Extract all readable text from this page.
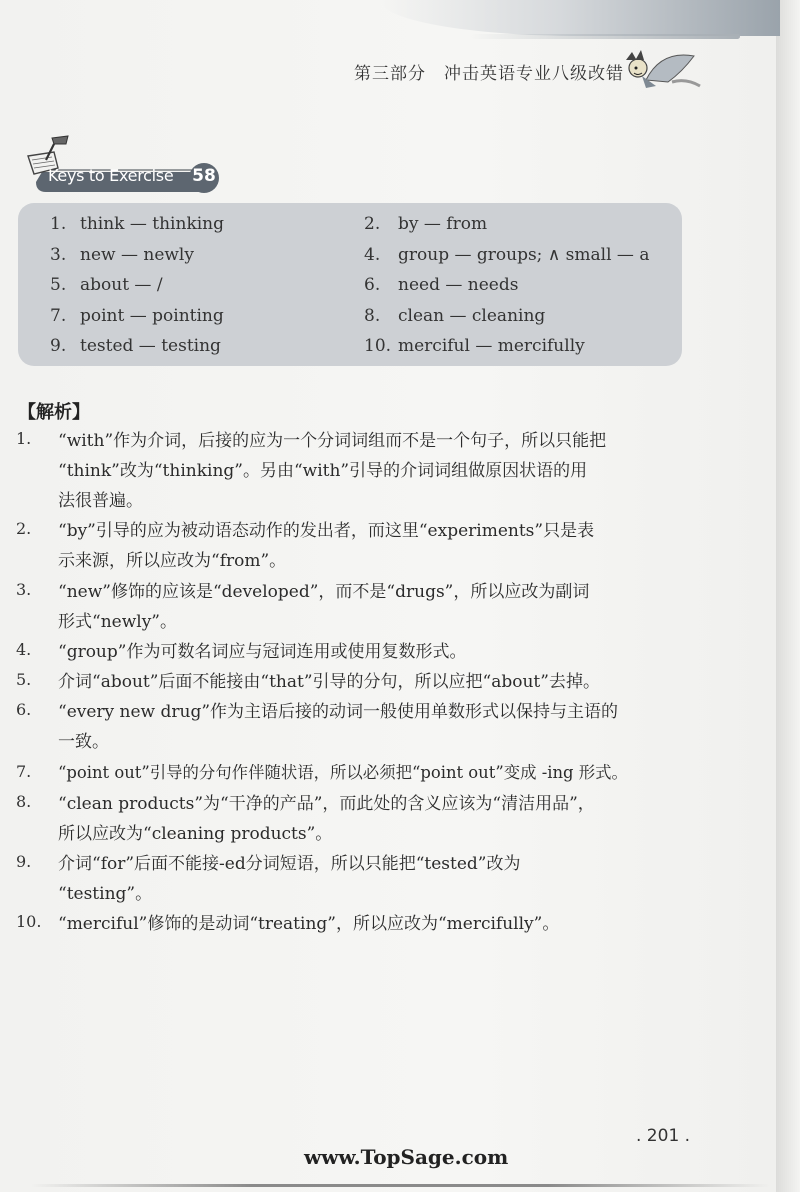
第三部分　冲击英语专业八级改错
Keys to Exercise 58
1. think — thinking	2. by — from
3. new — newly	4. group — groups; ∧ small — a
5. about — /	6. need — needs
7. point — pointing	8. clean — cleaning
9. tested — testing	10. merciful — mercifully
【解析】
1. “with”作为介词，后接的应为一个分词词组而不是一个句子，所以只能把
“think”改为“thinking”。另由“with”引导的介词词组做原因状语的用
法很普遍。
2. “by”引导的应为被动语态动作的发出者，而这里“experiments”只是表
示来源，所以应改为“from”。
3. “new”修饰的应该是“developed”，而不是“drugs”，所以应改为副词
形式“newly”。
4. “group”作为可数名词应与冠词连用或使用复数形式。
5. 介词“about”后面不能接由“that”引导的分句，所以应把“about”去掉。
6. “every new drug”作为主语后接的动词一般使用单数形式以保持与主语的
一致。
7. “point out”引导的分句作伴随状语，所以必须把“point out”变成 -ing 形式。
8. “clean products”为“干净的产品”，而此处的含义应该为“清洁用品”，
所以应改为“cleaning products”。
9. 介词“for”后面不能接-ed分词短语，所以只能把“tested”改为
“testing”。
10. “merciful”修饰的是动词“treating”，所以应改为“mercifully”。
. 201 .
www.TopSage.com
